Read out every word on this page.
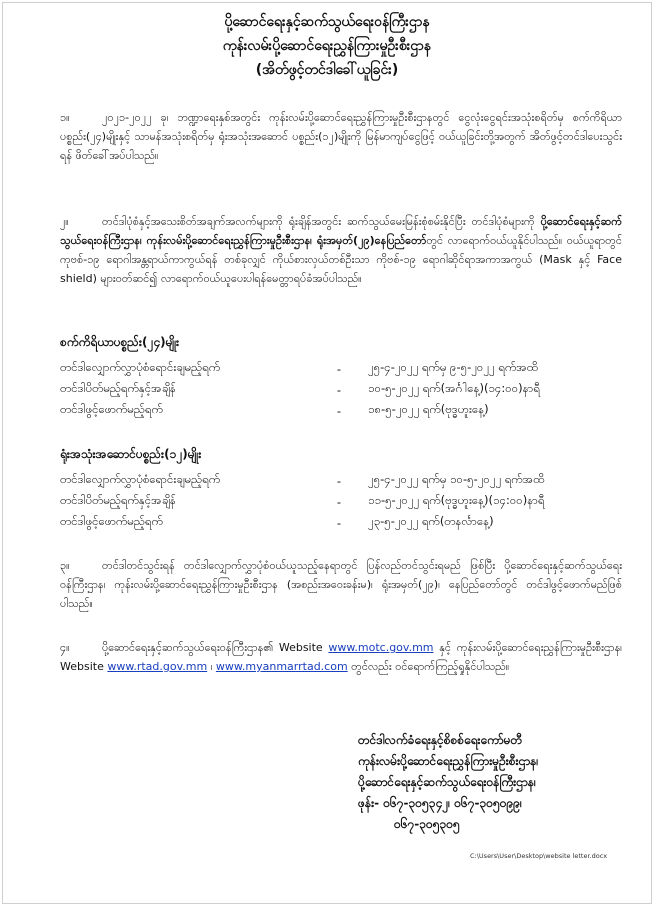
ပို့ဆောင်ရေးနှင့်ဆက်သွယ်ရေးဝန်ကြီးဌာန
ကုန်းလမ်းပို့ဆောင်ရေးညွှန်ကြားမှုဦးစီးဌာန
(အိတ်ဖွင့်တင်ဒါခေါ်ယူခြင်း)
၁။	၂၀၂၁-၂၀၂၂ ခု၊ ဘဏ္ဍာရေးနှစ်အတွင်း ကုန်းလမ်းပို့ဆောင်ရေးညွှန်ကြားမှုဦးစီးဌာနတွင် ငွေလုံးငွေရင်းအသုံးစရိတ်မှ စက်ကိရိယာပစ္စည်း(၂၄)မျိုးနှင့် သာမန်အသုံးစရိတ်မှ ရုံးအသုံးအဆောင် ပစ္စည်း(၁၂)မျိုးကို မြန်မာကျပ်ငွေဖြင့် ဝယ်ယူခြင်းတို့အတွက် အိတ်ဖွင့်တင်ဒါပေးသွင်းရန် ဖိတ်ခေါ်အပ်ပါသည်။
၂။	တင်ဒါပုံစံနှင့်အသေးစိတ်အချက်အလက်များကို ရုံးချိန်အတွင်း ဆက်သွယ်မေးမြန်းစုံစမ်းနိုင်ပြီး တင်ဒါပုံစံများကို ပို့ဆောင်ရေးနှင့်ဆက်သွယ်ရေးဝန်ကြီးဌာန၊ ကုန်းလမ်းပို့ဆောင်ရေးညွှန်ကြားမှုဦးစီးဌာန၊ ရုံးအမှတ်(၂၉)နေပြည်တော်တွင် လာရောက်ဝယ်ယူနိုင်ပါသည်။ ဝယ်ယူရာတွင် ကုဗစ်-၁၉ ရောဂါအန္တရာယ်ကာကွယ်ရန် တစ်ခုလျှင် ကိုယ်စားလှယ်တစ်ဦးသာ ကိုဗစ်-၁၉ ရောဂါဆိုင်ရာအကာအကွယ် (Mask နှင့် Face shield) များဝတ်ဆင်၍ လာရောက်ဝယ်ယူပေးပါရန်မေတ္တာရပ်ခံအပ်ပါသည်။
စက်ကိရိယာပစ္စည်း(၂၄)မျိုး
တင်ဒါလျှောက်လွှာပုံစံရောင်းချမည့်ရက်	-	၂၅-၄-၂၀၂၂ ရက်မှ ၉-၅-၂၀၂၂ ရက်အထိ
တင်ဒါပိတ်မည့်ရက်နှင့်အချိန်	-	၁၀-၅-၂၀၂၂ ရက်(အင်္ဂါနေ့)(၁၄:၀၀)နာရီ
တင်ဒါဖွင့်ဖောက်မည့်ရက်	-	၁၈-၅-၂၀၂၂ ရက်(ဗုဒ္ဓဟူးနေ့)
ရုံးအသုံးအဆောင်ပစ္စည်း(၁၂)မျိုး
တင်ဒါလျှောက်လွှာပုံစံရောင်းချမည့်ရက်	-	၂၅-၄-၂၀၂၂ ရက်မှ ၁၀-၅-၂၀၂၂ ရက်အထိ
တင်ဒါပိတ်မည့်ရက်နှင့်အချိန်	-	၁၁-၅-၂၀၂၂ ရက်(ဗုဒ္ဓဟူးနေ့)(၁၄:၀၀)နာရီ
တင်ဒါဖွင့်ဖောက်မည့်ရက်	-	၂၃-၅-၂၀၂၂ ရက်(တနင်္လာနေ့)
၃။	တင်ဒါတင်သွင်းရန် တင်ဒါလျှောက်လွှာပုံစံဝယ်ယူသည့်နေရာတွင် ပြန်လည်တင်သွင်းရမည် ဖြစ်ပြီး ပို့ဆောင်ရေးနှင့်ဆက်သွယ်ရေးဝန်ကြီးဌာန၊ ကုန်းလမ်းပို့ဆောင်ရေးညွှန်ကြားမှုဦးစီးဌာန (အစည်းအဝေးခန်းမ)၊ ရုံးအမှတ်(၂၉)၊ နေပြည်တော်တွင် တင်ဒါဖွင့်ဖောက်မည်ဖြစ်ပါသည်။
၄။	ပို့ဆောင်ရေးနှင့်ဆက်သွယ်ရေးဝန်ကြီးဌာန၏ Website www.motc.gov.mm နှင့် ကုန်းလမ်းပို့ဆောင်ရေးညွှန်ကြားမှုဦးစီးဌာန၊ Website www.rtad.gov.mm ၊ www.myanmarrtad.com တွင်လည်း ဝင်ရောက်ကြည့်ရှုနိုင်ပါသည်။
တင်ဒါလက်ခံရေးနှင့်စိစစ်ရေးကော်မတီ
ကုန်းလမ်းပို့ဆောင်ရေးညွှန်ကြားမှုဦးစီးဌာန၊
ပို့ဆောင်ရေးနှင့်ဆက်သွယ်ရေးဝန်ကြီးဌာန၊
ဖုန်း- ၀၆၇-၃၀၅၃၄၂၊ ၀၆၇-၃၀၅၀၉၉၊
၀၆၇-၃၀၅၃၀၅
C:\Users\User\Desktop\website letter.docx
